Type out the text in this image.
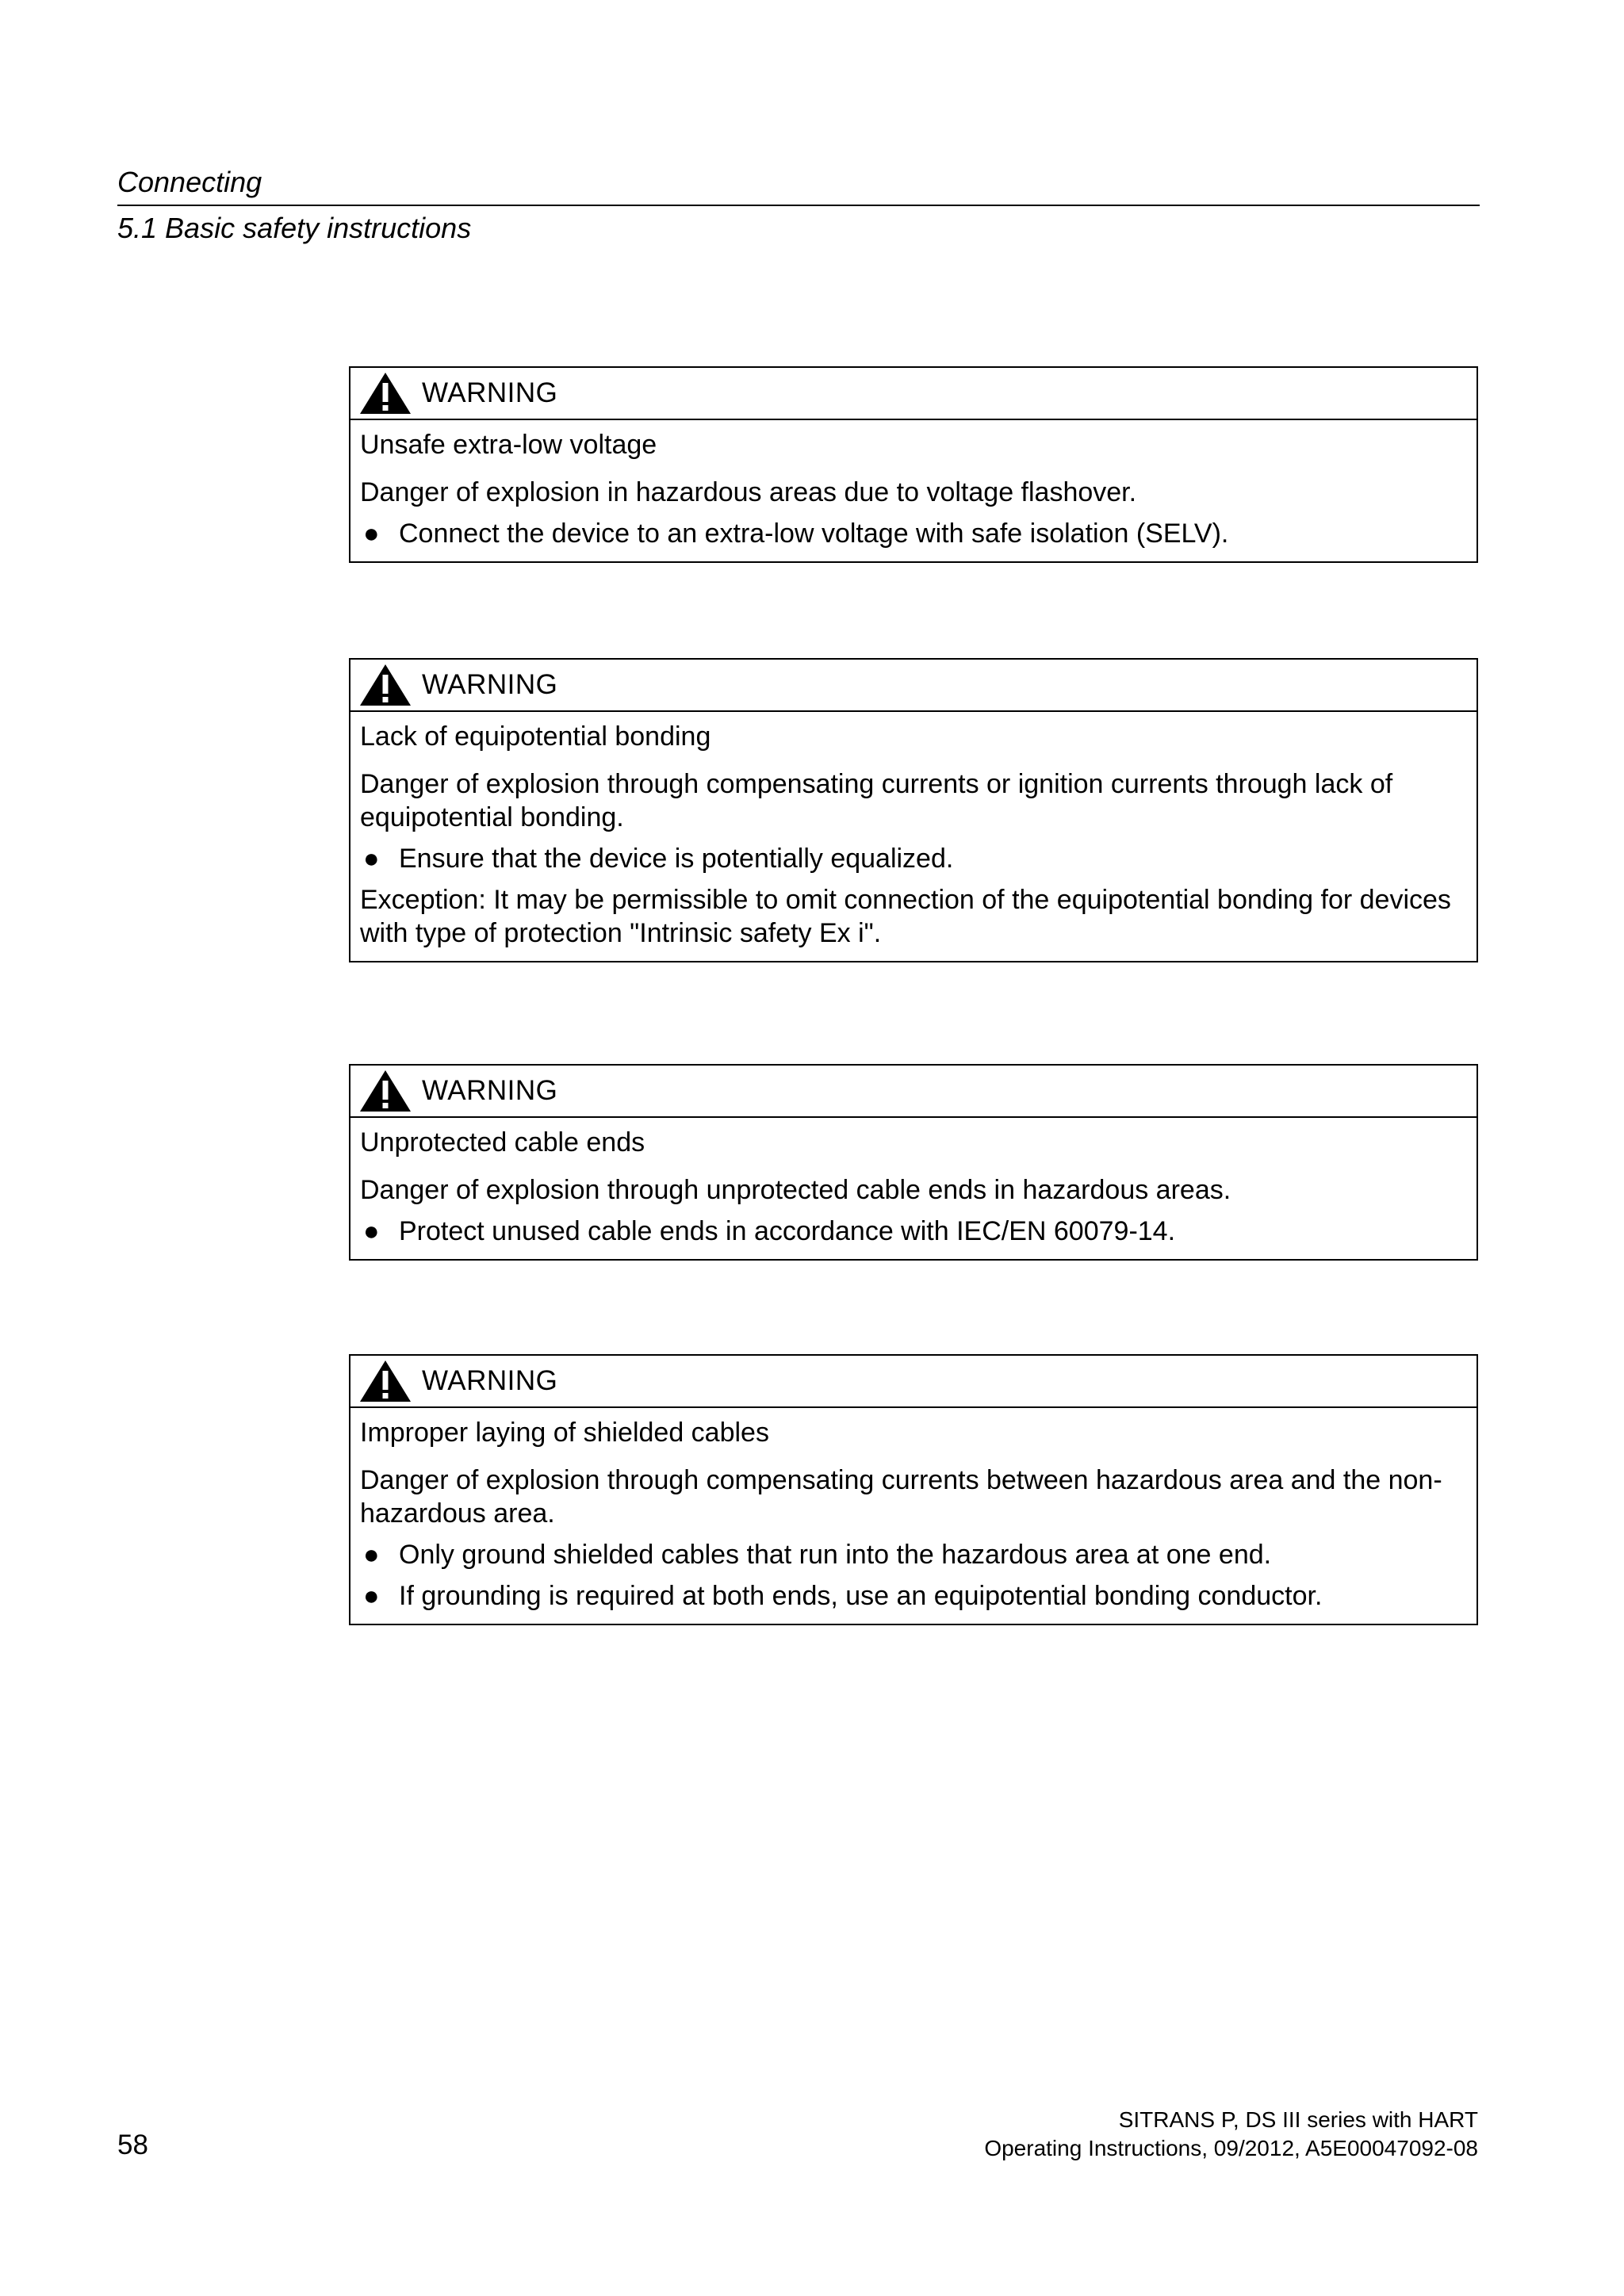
Connecting
5.1 Basic safety instructions
WARNING

Unsafe extra-low voltage

Danger of explosion in hazardous areas due to voltage flashover.

● Connect the device to an extra-low voltage with safe isolation (SELV).
WARNING

Lack of equipotential bonding

Danger of explosion through compensating currents or ignition currents through lack of equipotential bonding.

● Ensure that the device is potentially equalized.

Exception: It may be permissible to omit connection of the equipotential bonding for devices with type of protection "Intrinsic safety Ex i".

WARNING

Unprotected cable ends

Danger of explosion through unprotected cable ends in hazardous areas.

● Protect unused cable ends in accordance with IEC/EN 60079-14.
WARNING

Improper laying of shielded cables

Danger of explosion through compensating currents between hazardous area and the non-hazardous area.

● Only ground shielded cables that run into the hazardous area at one end.
● If grounding is required at both ends, use an equipotential bonding conductor.
58
SITRANS P, DS III series with HART
Operating Instructions, 09/2012, A5E00047092-08
